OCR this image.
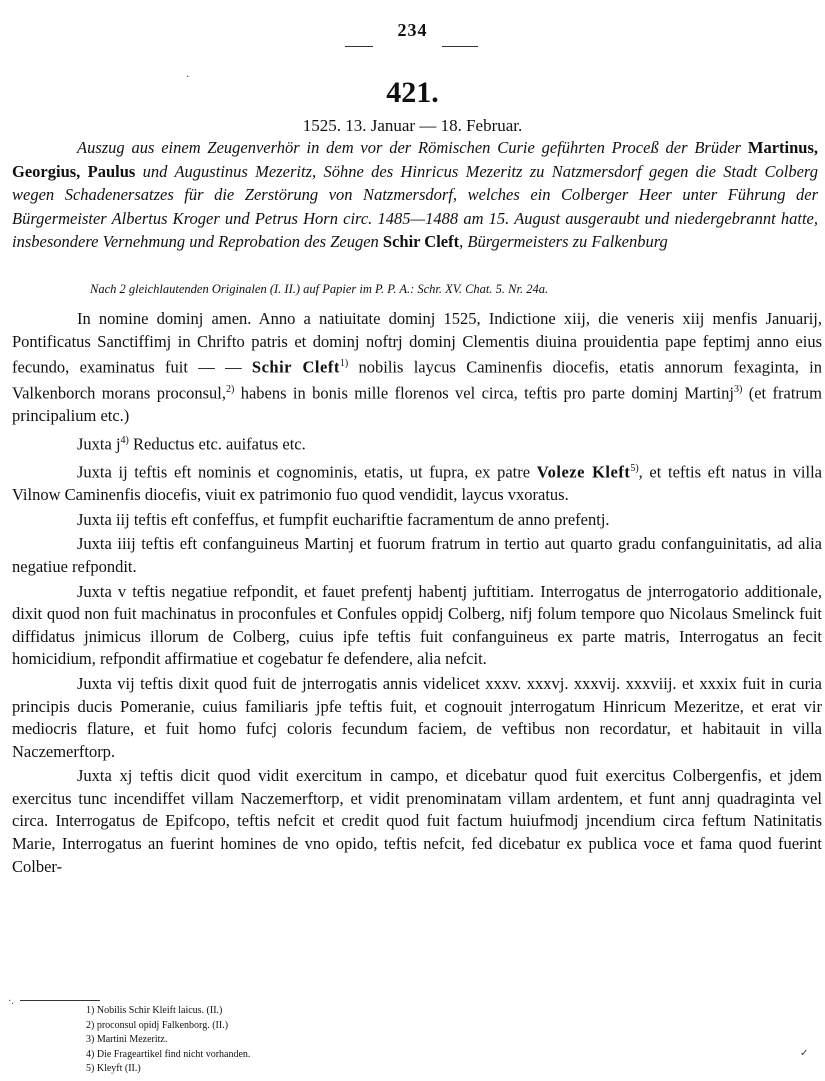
234
421.
1525. 13. Januar — 18. Februar.
Auszug aus einem Zeugenverhör in dem vor der Römischen Curie geführten Proceß der Brüder Martinus, Georgius, Paulus und Augustinus Mezeritz, Söhne des Hinricus Mezeritz zu Natzmersdorf gegen die Stadt Colberg wegen Schadenersatzes für die Zerstörung von Natzmersdorf, welches ein Colberger Heer unter Führung der Bürgermeister Albertus Kroger und Petrus Horn circ. 1485—1488 am 15. August ausgeraubt und niedergebrannt hatte, insbesondere Vernehmung und Reprobation des Zeugen Schir Cleft, Bürgermeisters zu Falkenburg
Nach 2 gleichlautenden Originalen (I. II.) auf Papier im P. P. A.: Schr. XV. Chat. 5. Nr. 24a.

In nomine dominj amen. Anno a natiuitate dominj 1525, Indictione xiij, die veneris xiij menfis Januarij, Pontificatus Sanctiffimj in Chrifto patris et dominj noftrj dominj Clementis diuina prouidentia pape feptimj anno eius fecundo, examinatus fuit — — Schir Cleft$^{1)}$ nobilis laycus Caminenfis diocefis, etatis annorum fexaginta, in Valkenborch morans proconsul,$^{2)}$ habens in bonis mille florenos vel circa, teftis pro parte dominj Martinj$^{3)}$ (et fratrum principalium etc.)

Juxta $j^{4)}$ Reductus etc. auifatus etc.

Juxta ij teftis eft nominis et cognominis, etatis, ut fupra, ex patre Voleze Kleft$^{5)}$, et teftis eft natus in villa Vilnow Caminenfis diocefis, viuit ex patrimonio fuo quod vendidit, laycus vxoratus.

Juxta iij teftis eft confeffus, et fumpfit euchariftie facramentum de anno prefentj.

Juxta iiij teftis eft confanguineus Martinj et fuorum fratrum in tertio aut quarto gradu confanguinitatis, ad alia negatiue refpondit.

Juxta v teftis negatiue refpondit, et fauet prefentj habentj juftitiam. Interrogatus de jnterrogatorio additionale, dixit quod non fuit machinatus in proconfules et Confules oppidj Colberg, nifj folum tempore quo Nicolaus Smelinck fuit diffidatus jnimicus illorum de Colberg, cuius ipfe teftis fuit confanguineus ex parte matris, Interrogatus an fecit homicidium, refpondit affirmatiue et cogebatur fe defendere, alia nefcit.

Juxta vij teftis dixit quod fuit de jnterrogatis annis videlicet xxxv. xxxvj. xxxvij. xxxviij. et xxxix fuit in curia principis ducis Pomeranie, cuius familiaris jpfe teftis fuit, et cognouit jnterrogatum Hinricum Mezeritze, et erat vir mediocris flature, et fuit homo fufcj coloris fecundum faciem, de veftibus non recordatur, et habitauit in villa Naczemerftorp.

Juxta xj teftis dicit quod vidit exercitum in campo, et dicebatur quod fuit exercitus Colbergenfis, et jdem exercitus tunc incendiffet villam Naczemerftorp, et vidit prenominatam villam ardentem, et funt annj quadraginta vel circa. Interrogatus de Epifcopo, teftis nefcit et credit quod fuit factum huiufmodj jncendium circa feftum Natinitatis Marie, Interrogatus an fuerint homines de vno opido, teftis nefcit, fed dicebatur ex publica voce et fama quod fuerint Colber-

·.
✓
·
1) Nobilis Schir Kleift laicus. (II.)
2) proconsul opidj Falkenborg. (II.)
3) Martini Mezeritz.
4) Die Frageartikel find nicht vorhanden.
5) Kleyft (II.)
